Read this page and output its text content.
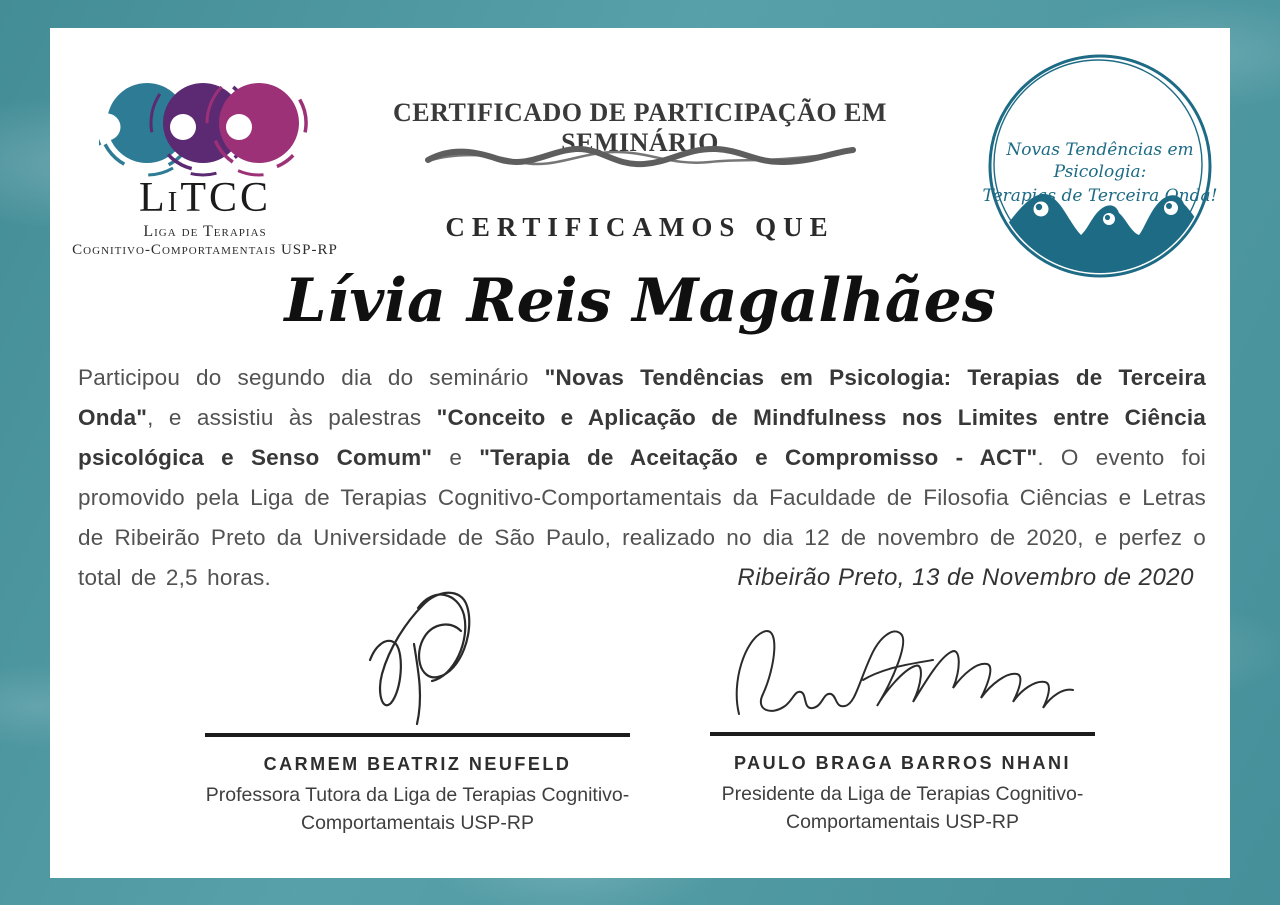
LiTCC
Liga de Terapias
Cognitivo-Comportamentais USP-RP
CERTIFICADO DE PARTICIPAÇÃO EM SEMINÁRIO
CERTIFICAMOS QUE
Lívia Reis Magalhães
Novas Tendências em
Psicologia:
Terapias de Terceira Onda!
Participou do segundo dia do seminário "Novas Tendências em Psicologia: Terapias de Terceira Onda", e assistiu às palestras "Conceito e Aplicação de Mindfulness nos Limites entre Ciência psicológica e Senso Comum" e "Terapia de Aceitação e Compromisso - ACT". O evento foi promovido pela Liga de Terapias Cognitivo-Comportamentais da Faculdade de Filosofia Ciências e Letras de Ribeirão Preto da Universidade de São Paulo, realizado no dia 12 de novembro de 2020, e perfez o total de 2,5 horas.	Ribeirão Preto, 13 de Novembro de 2020
CARMEM BEATRIZ NEUFELD
Professora Tutora da Liga de Terapias Cognitivo-
Comportamentais USP-RP
PAULO BRAGA BARROS NHANI
Presidente da Liga de Terapias Cognitivo-
Comportamentais USP-RP
